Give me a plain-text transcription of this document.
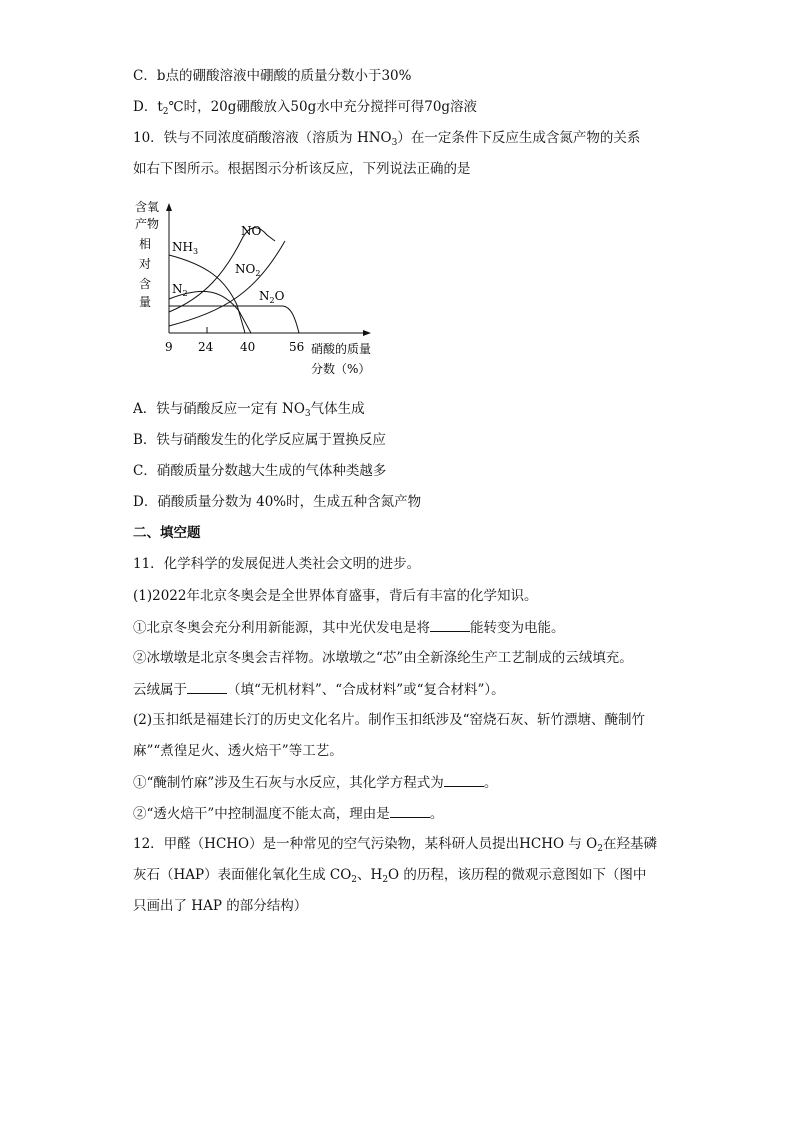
C．b点的硼酸溶液中硼酸的质量分数小于30%
D．$t_2℃$时，20g硼酸放入50g水中充分搅拌可得70g溶液
10．铁与不同浓度硝酸溶液（溶质为 $HNO_3$）在一定条件下反应生成含氮产物的关系
如右下图所示。根据图示分析该反应，下列说法正确的是
含氧
产物
相
对
含
量
NO
$NO_2$
$NH_3$
$N_2$	$N_2O$
9 24 40	56 硝酸的质量
分数（%）
A．铁与硝酸反应一定有 $NO_3$气体生成
B．铁与硝酸发生的化学反应属于置换反应
C．硝酸质量分数越大生成的气体种类越多
D．硝酸质量分数为 40%时，生成五种含氮产物
二、填空题
11．化学科学的发展促进人类社会文明的进步。
(1)2022年北京冬奥会是全世界体育盛事，背后有丰富的化学知识。
①北京冬奥会充分利用新能源，其中光伏发电是将	能转变为电能。
②冰墩墩是北京冬奥会吉祥物。冰墩墩之“芯”由全新涤纶生产工艺制成的云绒填充。
云绒属于	（填“无机材料”、“合成材料”或“复合材料”）。
(2)玉扣纸是福建长汀的历史文化名片。制作玉扣纸涉及“窑烧石灰、斩竹漂塘、醃制竹
麻”“煮徨足火、透火焙干”等工艺。
①“醃制竹麻”涉及生石灰与水反应，其化学方程式为	。
②“透火焙干”中控制温度不能太高，理由是	。
12．甲醛（HCHO）是一种常见的空气污染物，某科研人员提出HCHO 与 $O_2$在羟基磷
灰石（HAP）表面催化氧化生成 $CO_2$、$H_2O$ 的历程，该历程的微观示意图如下（图中
只画出了 HAP 的部分结构）
